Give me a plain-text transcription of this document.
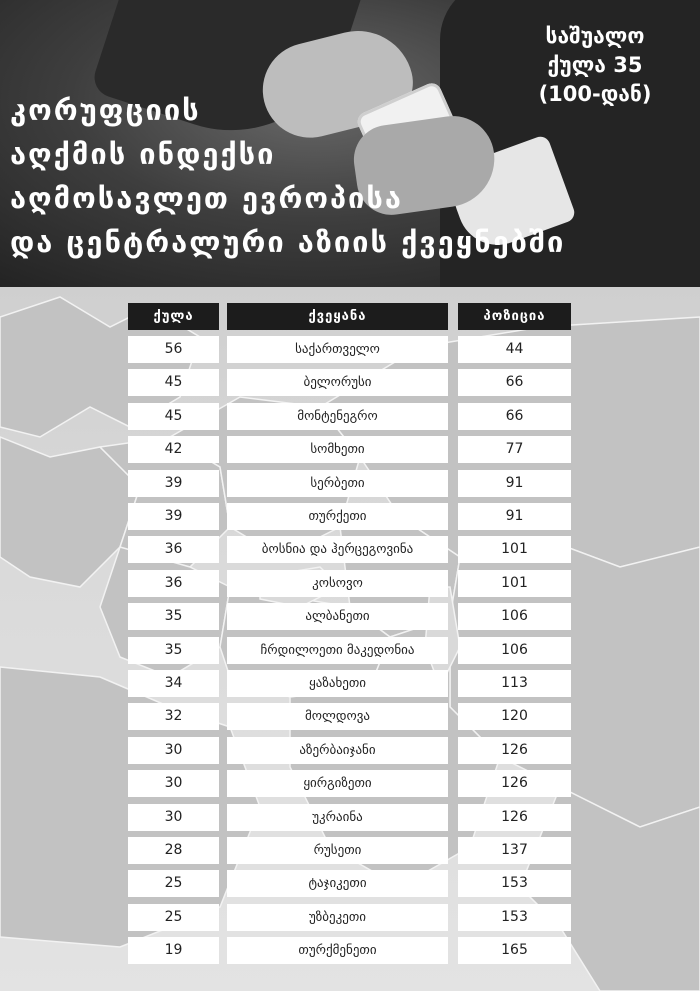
კორუფციის
აღქმის ინდექსი
აღმოსავლეთ ევროპისა
და ცენტრალური აზიის ქვეყნებში
საშუალო
ქულა 35
(100-დან)
ქულა	ქვეყანა	პოზიცია
56	საქართველო	44
45	ბელორუსი	66
45	მონტენეგრო	66
42	სომხეთი	77
39	სერბეთი	91
39	თურქეთი	91
36	ბოსნია და ჰერცეგოვინა	101
36	კოსოვო	101
35	ალბანეთი	106
35	ჩრდილოეთი მაკედონია	106
34	ყაზახეთი	113
32	მოლდოვა	120
30	აზერბაიჯანი	126
30	ყირგიზეთი	126
30	უკრაინა	126
28	რუსეთი	137
25	ტაჯიკეთი	153
25	უზბეკეთი	153
19	თურქმენეთი	165
